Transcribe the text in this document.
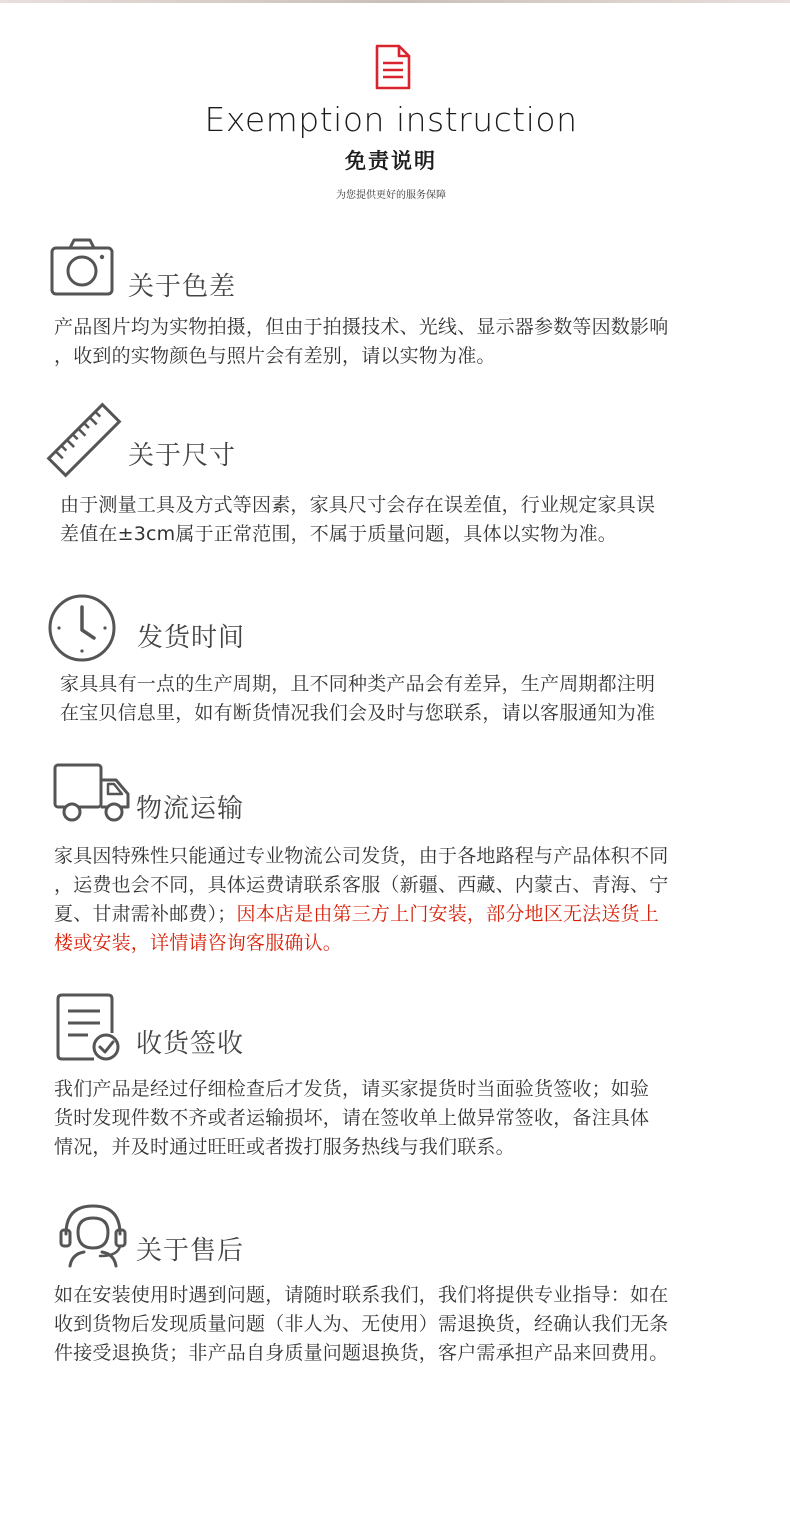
Exemption instruction
免责说明
为您提供更好的服务保障
关于色差
产品图片均为实物拍摄，但由于拍摄技术、光线、显示器参数等因数影响
，收到的实物颜色与照片会有差别，请以实物为准。
关于尺寸
由于测量工具及方式等因素，家具尺寸会存在误差值，行业规定家具误
差值在±3cm属于正常范围，不属于质量问题，具体以实物为准。
发货时间
家具具有一点的生产周期，且不同种类产品会有差异，生产周期都注明
在宝贝信息里，如有断货情况我们会及时与您联系，请以客服通知为准
物流运输
家具因特殊性只能通过专业物流公司发货，由于各地路程与产品体积不同
，运费也会不同，具体运费请联系客服（新疆、西藏、内蒙古、青海、宁
夏、甘肃需补邮费）；因本店是由第三方上门安装，部分地区无法送货上
楼或安装，详情请咨询客服确认。
收货签收
我们产品是经过仔细检查后才发货，请买家提货时当面验货签收；如验
货时发现件数不齐或者运输损坏，请在签收单上做异常签收，备注具体
情况，并及时通过旺旺或者拨打服务热线与我们联系。
关于售后
如在安装使用时遇到问题，请随时联系我们，我们将提供专业指导：如在
收到货物后发现质量问题（非人为、无使用）需退换货，经确认我们无条
件接受退换货；非产品自身质量问题退换货，客户需承担产品来回费用。
